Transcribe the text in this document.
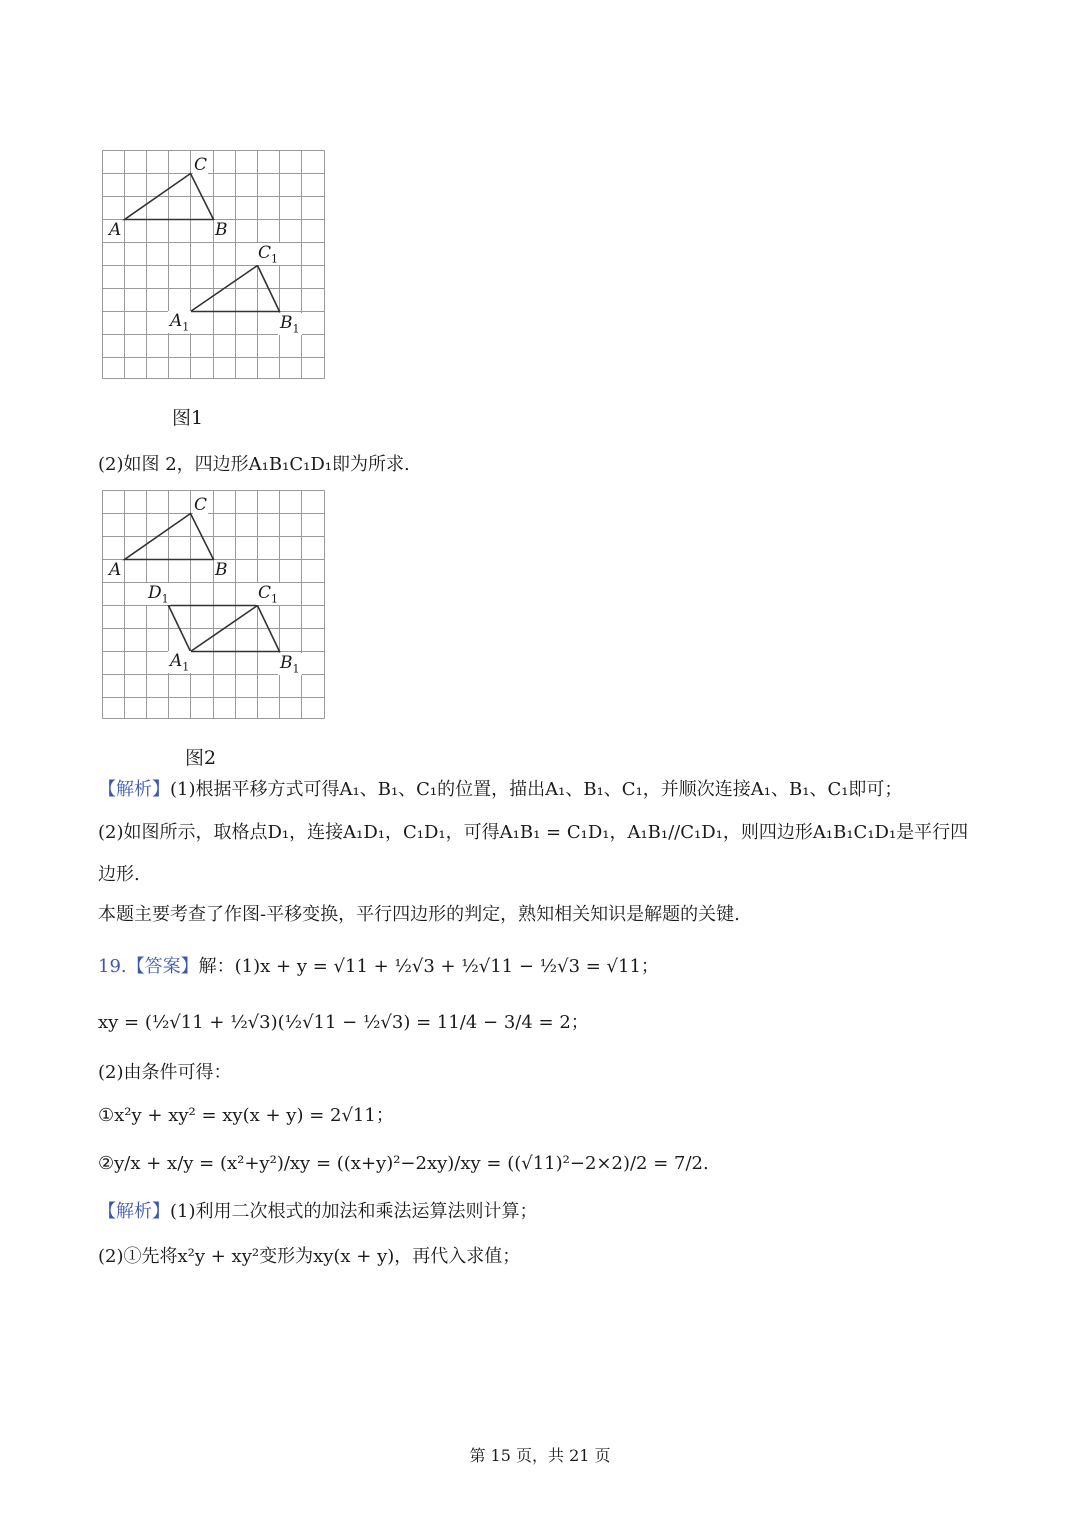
A	B
C
$A_1$	$B_1$
$C_1$
图1
(2)如图 2，四边形A₁B₁C₁D₁即为所求.
A	B
C
$D_1$
$A_1$	$B_1$
$C_1$
图2
【解析】(1)根据平移方式可得A₁、B₁、C₁的位置，描出A₁、B₁、C₁，并顺次连接A₁、B₁、C₁即可；
(2)如图所示，取格点D₁，连接A₁D₁，C₁D₁，可得A₁B₁ = C₁D₁，A₁B₁//C₁D₁，则四边形A₁B₁C₁D₁是平行四
边形.
本题主要考查了作图-平移变换，平行四边形的判定，熟知相关知识是解题的关键.
19.【答案】解：(1)x + y = √11 + ½√3 + ½√11 − ½√3 = √11；
xy = (½√11 + ½√3)(½√11 − ½√3) = 11/4 − 3/4 = 2；
(2)由条件可得：
①x²y + xy² = xy(x + y) = 2√11；
②y/x + x/y = (x²+y²)/xy = ((x+y)²−2xy)/xy = ((√11)²−2×2)/2 = 7/2.
【解析】(1)利用二次根式的加法和乘法运算法则计算；
(2)①先将x²y + xy²变形为xy(x + y)，再代入求值；
第 15 页，共 21 页
